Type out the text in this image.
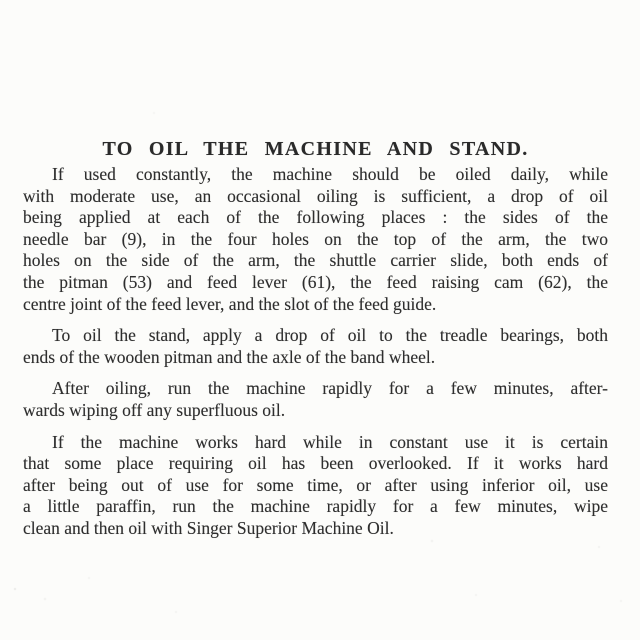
TO OIL THE MACHINE AND STAND.
If used constantly, the machine should be oiled daily, while
with moderate use, an occasional oiling is sufficient, a drop of oil
being applied at each of the following places : the sides of the
needle bar (9), in the four holes on the top of the arm, the two
holes on the side of the arm, the shuttle carrier slide, both ends of
the pitman (53) and feed lever (61), the feed raising cam (62), the
centre joint of the feed lever, and the slot of the feed guide.
To oil the stand, apply a drop of oil to the treadle bearings, both
ends of the wooden pitman and the axle of the band wheel.
After oiling, run the machine rapidly for a few minutes, after-
wards wiping off any superfluous oil.
If the machine works hard while in constant use it is certain
that some place requiring oil has been overlooked. If it works hard
after being out of use for some time, or after using inferior oil, use
a little paraffin, run the machine rapidly for a few minutes, wipe
clean and then oil with Singer Superior Machine Oil.
